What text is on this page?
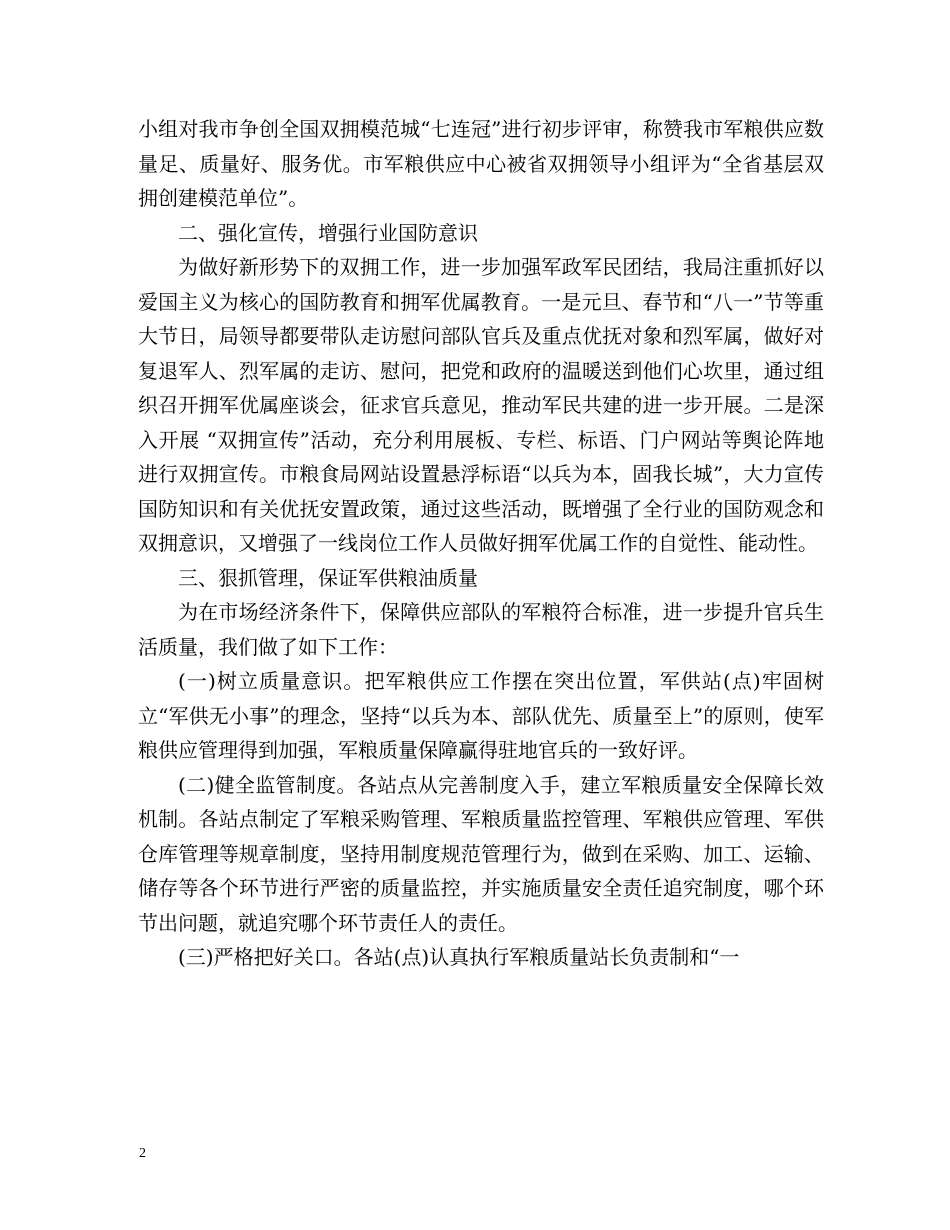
小组对我市争创全国双拥模范城“七连冠”进行初步评审，称赞我市军粮供应数量足、质量好、服务优。市军粮供应中心被省双拥领导小组评为“全省基层双拥创建模范单位”。

二、强化宣传，增强行业国防意识

为做好新形势下的双拥工作，进一步加强军政军民团结，我局注重抓好以爱国主义为核心的国防教育和拥军优属教育。一是元旦、春节和“八一”节等重大节日，局领导都要带队走访慰问部队官兵及重点优抚对象和烈军属，做好对复退军人、烈军属的走访、慰问，把党和政府的温暖送到他们心坎里，通过组织召开拥军优属座谈会，征求官兵意见，推动军民共建的进一步开展。二是深入开展 “双拥宣传”活动，充分利用展板、专栏、标语、门户网站等舆论阵地进行双拥宣传。市粮食局网站设置悬浮标语“以兵为本，固我长城”，大力宣传国防知识和有关优抚安置政策，通过这些活动，既增强了全行业的国防观念和双拥意识，又增强了一线岗位工作人员做好拥军优属工作的自觉性、能动性。

三、狠抓管理，保证军供粮油质量

为在市场经济条件下，保障供应部队的军粮符合标准，进一步提升官兵生活质量，我们做了如下工作：

(一)树立质量意识。把军粮供应工作摆在突出位置，军供站(点)牢固树立“军供无小事”的理念，坚持“以兵为本、部队优先、质量至上”的原则，使军粮供应管理得到加强，军粮质量保障赢得驻地官兵的一致好评。

(二)健全监管制度。各站点从完善制度入手，建立军粮质量安全保障长效机制。各站点制定了军粮采购管理、军粮质量监控管理、军粮供应管理、军供仓库管理等规章制度，坚持用制度规范管理行为，做到在采购、加工、运输、储存等各个环节进行严密的质量监控，并实施质量安全责任追究制度，哪个环节出问题，就追究哪个环节责任人的责任。

(三)严格把好关口。各站(点)认真执行军粮质量站长负责制和“一

2
